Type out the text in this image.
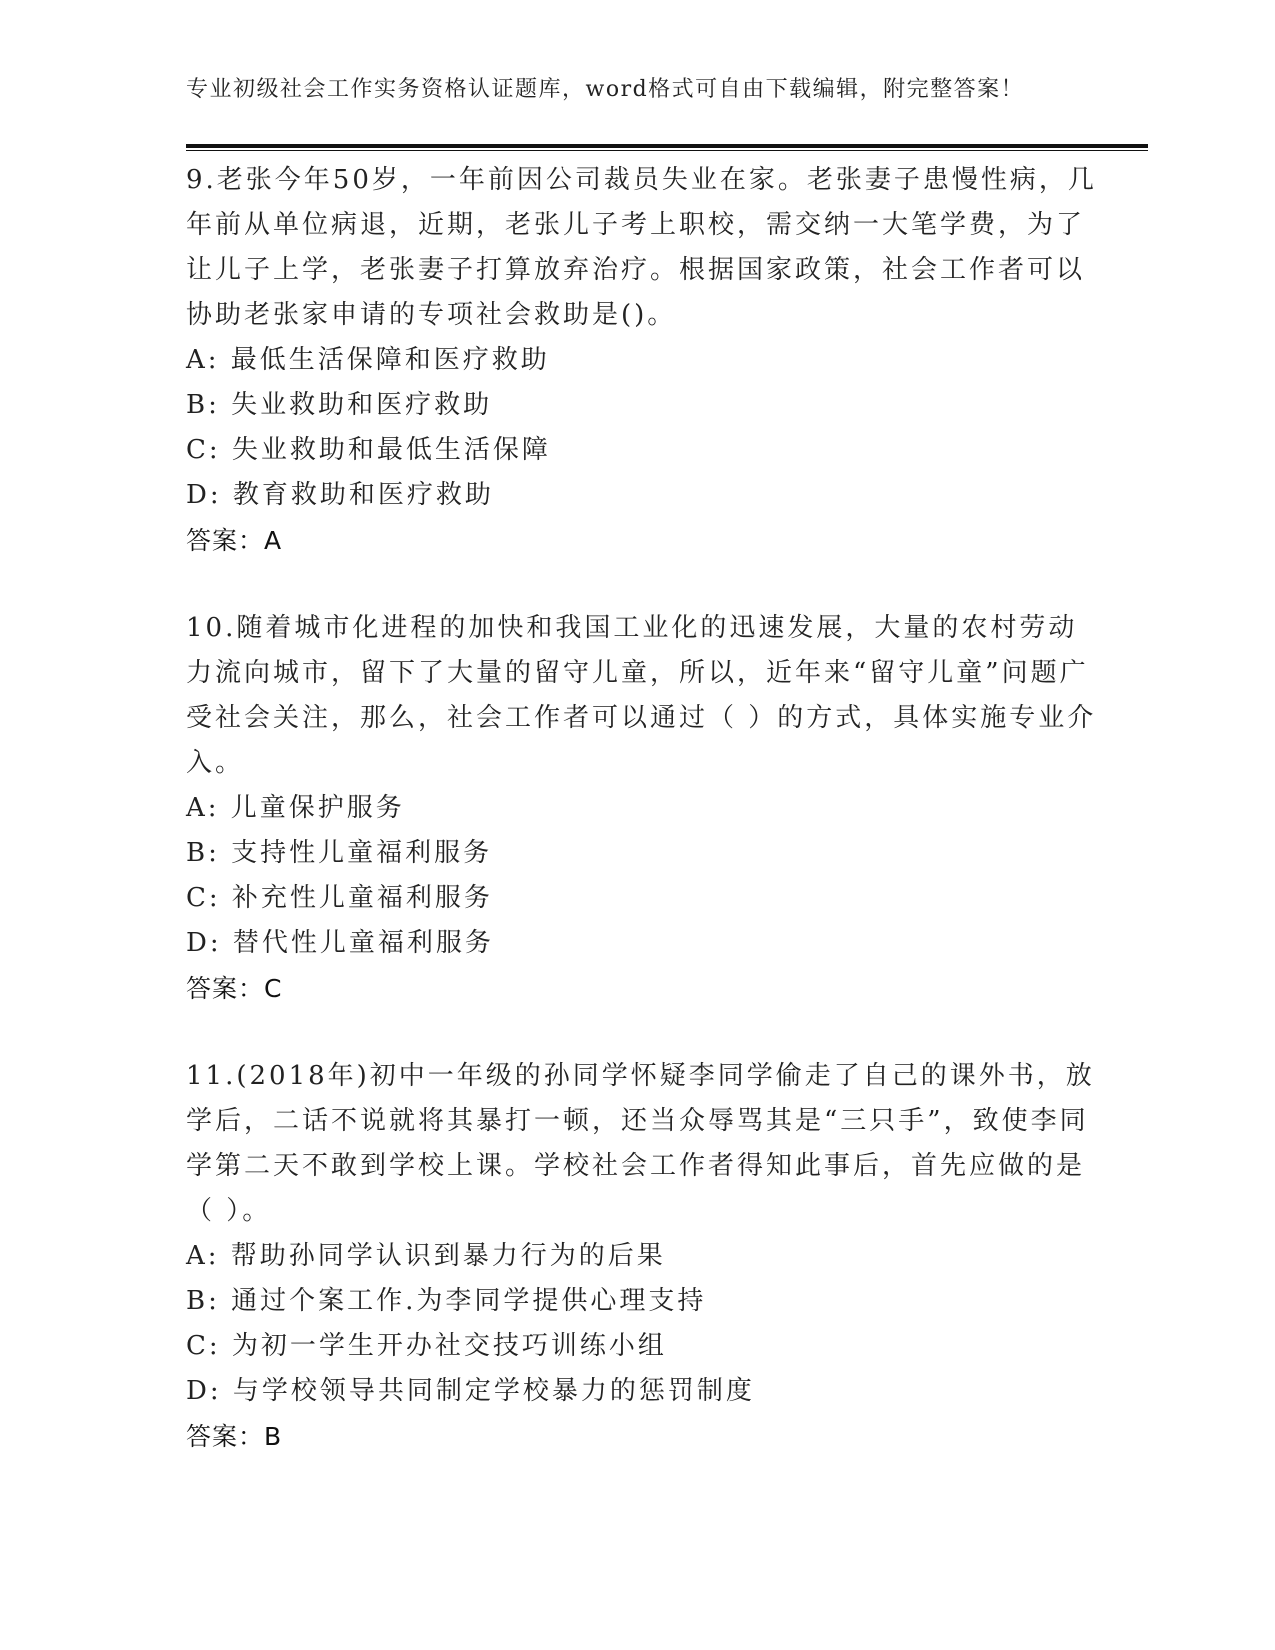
专业初级社会工作实务资格认证题库，word格式可自由下载编辑，附完整答案！

9.老张今年50岁，一年前因公司裁员失业在家。老张妻子患慢性病，几年前从单位病退，近期，老张儿子考上职校，需交纳一大笔学费，为了让儿子上学，老张妻子打算放弃治疗。根据国家政策，社会工作者可以协助老张家申请的专项社会救助是()。

A: 最低生活保障和医疗救助

B: 失业救助和医疗救助

C: 失业救助和最低生活保障

D: 教育救助和医疗救助

答案：A

10.随着城市化进程的加快和我国工业化的迅速发展，大量的农村劳动力流向城市，留下了大量的留守儿童，所以，近年来“留守儿童”问题广受社会关注，那么，社会工作者可以通过（ ）的方式，具体实施专业介入。

A: 儿童保护服务

B: 支持性儿童福利服务

C: 补充性儿童福利服务

D: 替代性儿童福利服务

答案：C

11.(2018年)初中一年级的孙同学怀疑李同学偷走了自己的课外书，放学后，二话不说就将其暴打一顿，还当众辱骂其是“三只手”，致使李同学第二天不敢到学校上课。学校社会工作者得知此事后，首先应做的是（ ）。

A: 帮助孙同学认识到暴力行为的后果

B: 通过个案工作.为李同学提供心理支持

C: 为初一学生开办社交技巧训练小组

D: 与学校领导共同制定学校暴力的惩罚制度

答案：B
